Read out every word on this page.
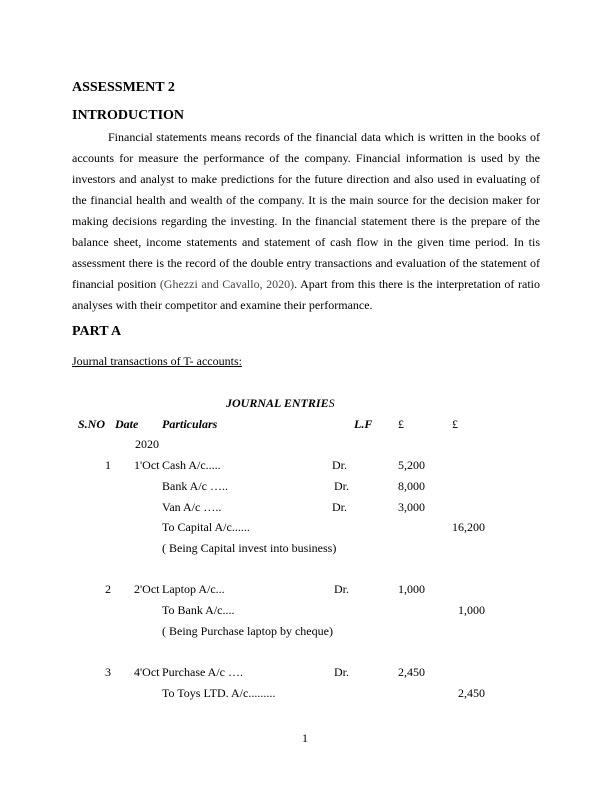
ASSESSMENT 2
INTRODUCTION

Financial statements means records of the financial data which is written in the books of accounts for measure the performance of the company. Financial information is used by the investors and analyst to make predictions for the future direction and also used in evaluating of the financial health and wealth of the company. It is the main source for the decision maker for making decisions regarding the investing. In the financial statement there is the prepare of the balance sheet, income statements and statement of cash flow in the given time period. In tis assessment there is the record of the double entry transactions and evaluation of the statement of financial position (Ghezzi and Cavallo, 2020). Apart from this there is the interpretation of ratio analyses with their competitor and examine their performance.

PART A
Journal transactions of T- accounts:
JOURNAL ENTRIES
S.NO Date Particulars	L.F £	£
2020
1 1'Oct Cash A/c.....	Dr.	5,200
Bank A/c …..	Dr.	8,000
Van A/c …..	Dr.	3,000
To Capital A/c......	16,200
( Being Capital invest into business)
2 2'Oct Laptop A/c...	Dr.	1,000
To Bank A/c....	1,000
( Being Purchase laptop by cheque)
3 4'Oct Purchase A/c ….	Dr.	2,450
To Toys LTD. A/c.........	2,450
1
